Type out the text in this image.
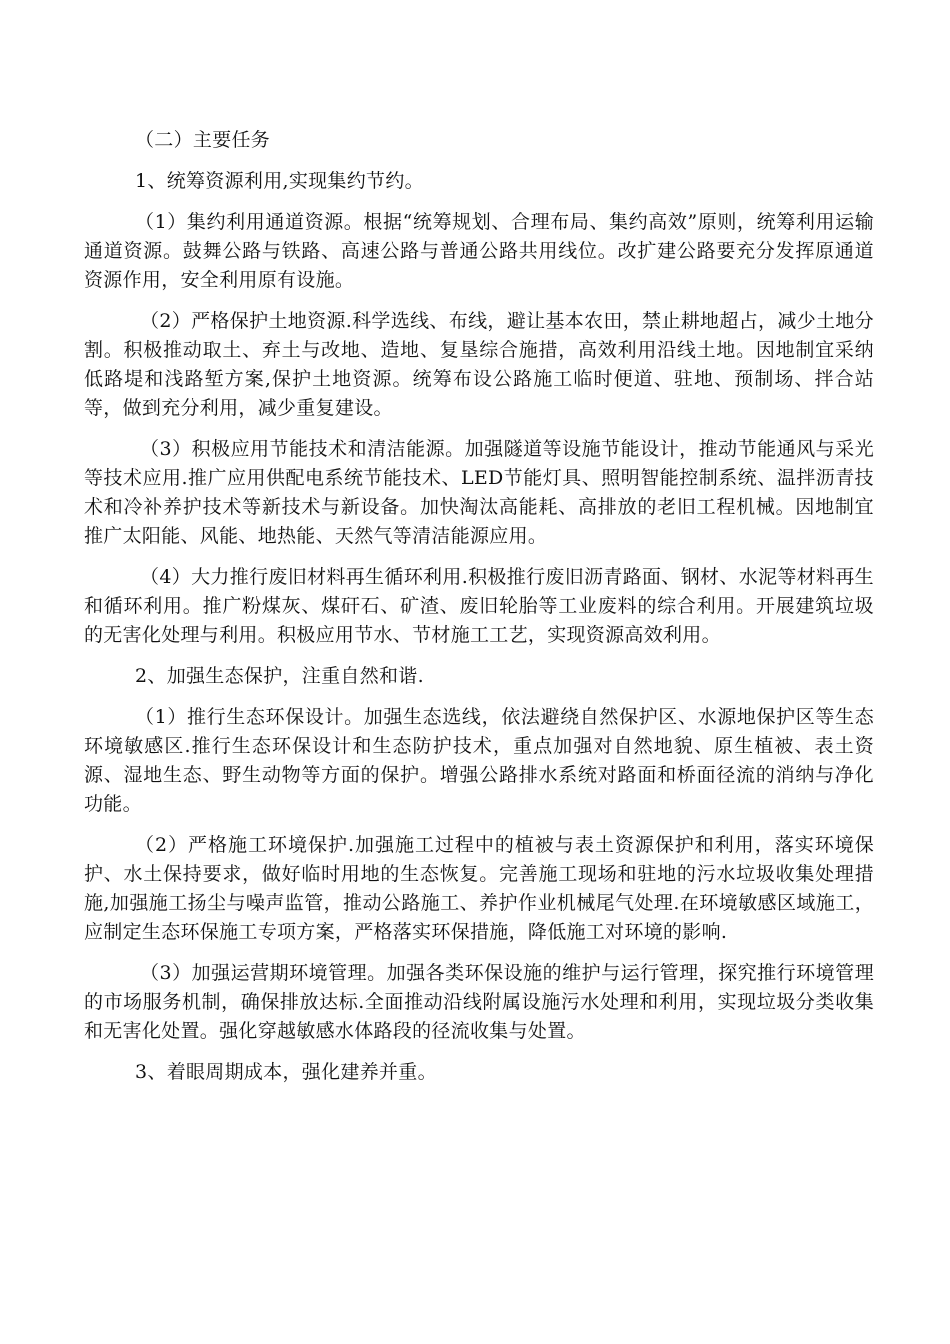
（二）主要任务

1、统筹资源利用,实现集约节约。

（1）集约利用通道资源。根据“统筹规划、合理布局、集约高效”原则，统筹利用运输通道资源。鼓舞公路与铁路、高速公路与普通公路共用线位。改扩建公路要充分发挥原通道资源作用，安全利用原有设施。

（2）严格保护土地资源.科学选线、布线，避让基本农田，禁止耕地超占，减少土地分割。积极推动取土、弃土与改地、造地、复垦综合施措，高效利用沿线土地。因地制宜采纳低路堤和浅路堑方案,保护土地资源。统筹布设公路施工临时便道、驻地、预制场、拌合站等，做到充分利用，减少重复建设。

（3）积极应用节能技术和清洁能源。加强隧道等设施节能设计，推动节能通风与采光等技术应用.推广应用供配电系统节能技术、LED节能灯具、照明智能控制系统、温拌沥青技术和冷补养护技术等新技术与新设备。加快淘汰高能耗、高排放的老旧工程机械。因地制宜推广太阳能、风能、地热能、天然气等清洁能源应用。

（4）大力推行废旧材料再生循环利用.积极推行废旧沥青路面、钢材、水泥等材料再生和循环利用。推广粉煤灰、煤矸石、矿渣、废旧轮胎等工业废料的综合利用。开展建筑垃圾的无害化处理与利用。积极应用节水、节材施工工艺，实现资源高效利用。

2、加强生态保护，注重自然和谐.

（1）推行生态环保设计。加强生态选线，依法避绕自然保护区、水源地保护区等生态环境敏感区.推行生态环保设计和生态防护技术，重点加强对自然地貌、原生植被、表土资源、湿地生态、野生动物等方面的保护。增强公路排水系统对路面和桥面径流的消纳与净化功能。

（2）严格施工环境保护.加强施工过程中的植被与表土资源保护和利用，落实环境保护、水土保持要求，做好临时用地的生态恢复。完善施工现场和驻地的污水垃圾收集处理措施,加强施工扬尘与噪声监管，推动公路施工、养护作业机械尾气处理.在环境敏感区域施工，应制定生态环保施工专项方案，严格落实环保措施，降低施工对环境的影响.

（3）加强运营期环境管理。加强各类环保设施的维护与运行管理，探究推行环境管理的市场服务机制，确保排放达标.全面推动沿线附属设施污水处理和利用，实现垃圾分类收集和无害化处置。强化穿越敏感水体路段的径流收集与处置。

3、着眼周期成本，强化建养并重。
